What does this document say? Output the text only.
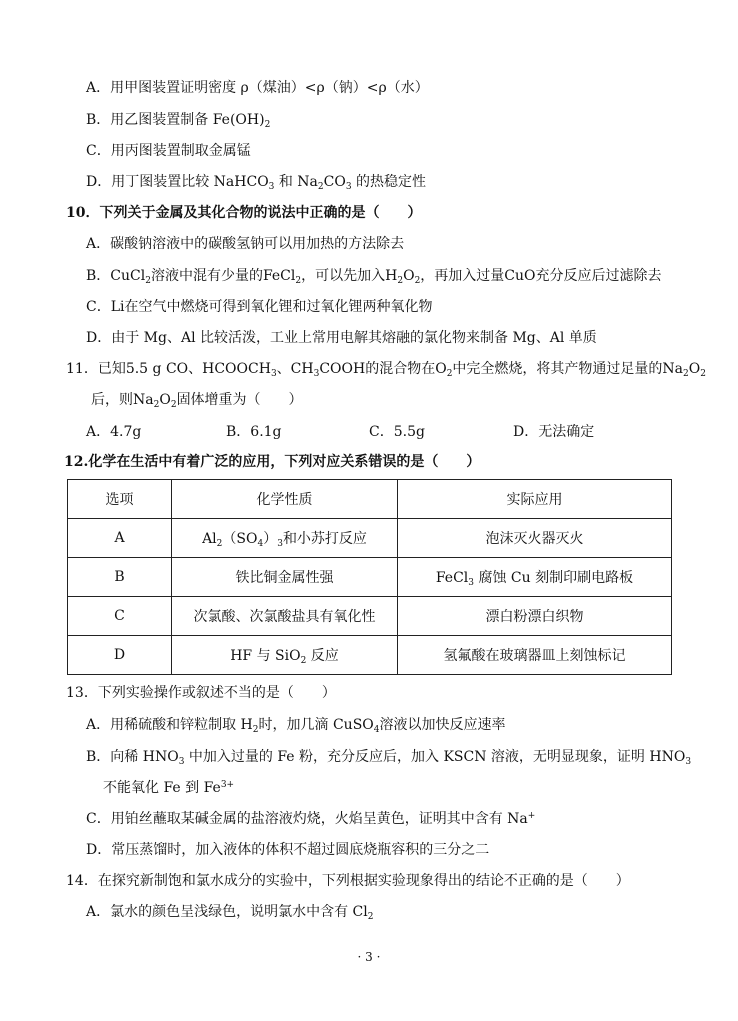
A．用甲图装置证明密度 ρ（煤油）<ρ（钠）<ρ（水）
B．用乙图装置制备 $Fe(OH)_2$
C．用丙图装置制取金属锰
D．用丁图装置比较 NaHCO$_3$ 和 $Na_2CO_3$ 的热稳定性
10．下列关于金属及其化合物的说法中正确的是（　　）
A．碳酸钠溶液中的碳酸氢钠可以用加热的方法除去
B．CuCl$_2$溶液中混有少量的FeCl$_2$，可以先加入$H_2O_2$，再加入过量CuO充分反应后过滤除去
C．Li在空气中燃烧可得到氧化锂和过氧化锂两种氧化物
D．由于 Mg、Al 比较活泼，工业上常用电解其熔融的氯化物来制备 Mg、Al 单质
11．已知5.5 g CO、$HCOOCH_3$、$CH_3COOH$的混合物在$O_2$中完全燃烧，将其产物通过足量的$Na_2O_2$
后，则$Na_2O_2$固体增重为（　　）
A．4.7g	B．6.1g	C．5.5g	D．无法确定
12.化学在生活中有着广泛的应用，下列对应关系错误的是（　　）
选项	化学性质	实际应用
A	$Al_2(SO_4)_3$和小苏打反应	泡沫灭火器灭火
B	铁比铜金属性强	FeCl$_3$ 腐蚀 Cu 刻制印刷电路板
C	次氯酸、次氯酸盐具有氧化性	漂白粉漂白织物
D	HF 与 SiO$_2$ 反应	氢氟酸在玻璃器皿上刻蚀标记
13．下列实验操作或叙述不当的是（　　）
A．用稀硫酸和锌粒制取 $H_2$时，加几滴 CuSO$_4$溶液以加快反应速率
B．向稀 $HNO_3$ 中加入过量的 Fe 粉，充分反应后，加入 KSCN 溶液，无明显现象，证明 $HNO_3$
不能氧化 Fe 到 $Fe^{3+}$
C．用铂丝蘸取某碱金属的盐溶液灼烧，火焰呈黄色，证明其中含有 Na+
D．常压蒸馏时，加入液体的体积不超过圆底烧瓶容积的三分之二
14．在探究新制饱和氯水成分的实验中，下列根据实验现象得出的结论不正确的是（　　）
A．氯水的颜色呈浅绿色，说明氯水中含有 $Cl_2$
· 3 ·
